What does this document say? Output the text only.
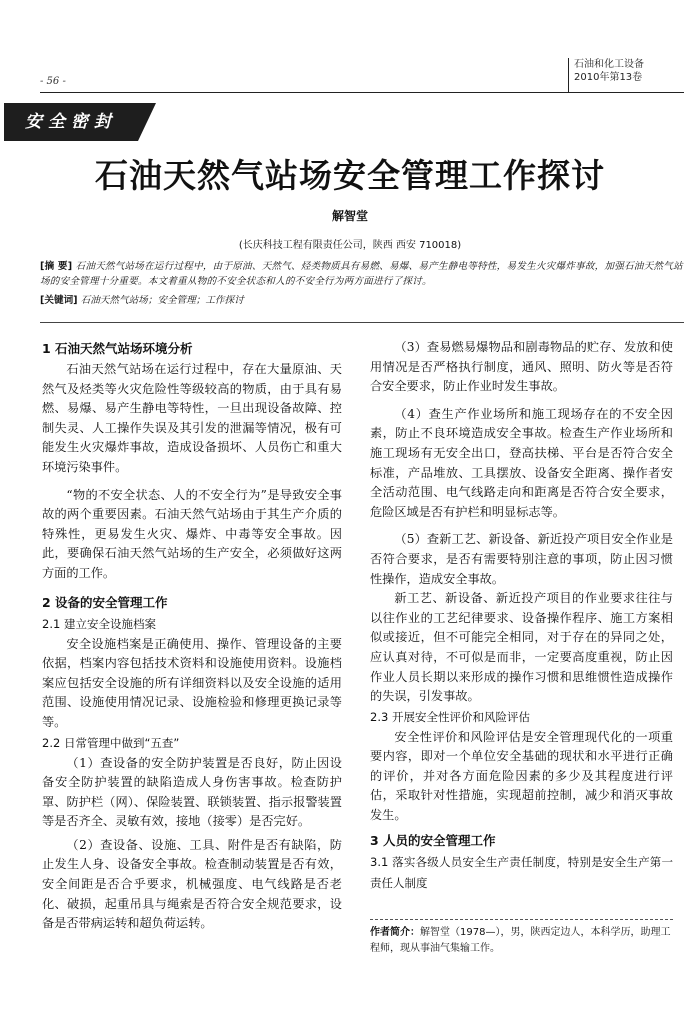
石油和化工设备
2010年第13卷
- 56 -
安全密封
石油天然气站场安全管理工作探讨
解智堂
(长庆科技工程有限责任公司，陕西 西安 710018)
[摘 要] 石油天然气站场在运行过程中，由于原油、天然气、烃类物质具有易燃、易爆、易产生静电等特性，易发生火灾爆炸事故，加强石油天然气站场的安全管理十分重要。本文着重从物的不安全状态和人的不安全行为两方面进行了探讨。
[关键词] 石油天然气站场；安全管理；工作探讨
1 石油天然气站场环境分析

石油天然气站场在运行过程中，存在大量原油、天然气及烃类等火灾危险性等级较高的物质，由于具有易燃、易爆、易产生静电等特性，一旦出现设备故障、控制失灵、人工操作失误及其引发的泄漏等情况，极有可能发生火灾爆炸事故，造成设备损坏、人员伤亡和重大环境污染事件。

“物的不安全状态、人的不安全行为”是导致安全事故的两个重要因素。石油天然气站场由于其生产介质的特殊性，更易发生火灾、爆炸、中毒等安全事故。因此，要确保石油天然气站场的生产安全，必须做好这两方面的工作。

2 设备的安全管理工作
2.1 建立安全设施档案

安全设施档案是正确使用、操作、管理设备的主要依据，档案内容包括技术资料和设施使用资料。设施档案应包括安全设施的所有详细资料以及安全设施的适用范围、设施使用情况记录、设施检验和修理更换记录等等。

2.2 日常管理中做到“五查”

（1）查设备的安全防护装置是否良好，防止因设备安全防护装置的缺陷造成人身伤害事故。检查防护罩、防护栏（网）、保险装置、联锁装置、指示报警装置等是否齐全、灵敏有效，接地（接零）是否完好。

（2）查设备、设施、工具、附件是否有缺陷，防止发生人身、设备安全事故。检查制动装置是否有效，安全间距是否合乎要求，机械强度、电气线路是否老化、破损，起重吊具与绳索是否符合安全规范要求，设备是否带病运转和超负荷运转。

（3）查易燃易爆物品和剧毒物品的贮存、发放和使用情况是否严格执行制度，通风、照明、防火等是否符合安全要求，防止作业时发生事故。

（4）查生产作业场所和施工现场存在的不安全因素，防止不良环境造成安全事故。检查生产作业场所和施工现场有无安全出口，登高扶梯、平台是否符合安全标准，产品堆放、工具摆放、设备安全距离、操作者安全活动范围、电气线路走向和距离是否符合安全要求，危险区域是否有护栏和明显标志等。

（5）查新工艺、新设备、新近投产项目安全作业是否符合要求，是否有需要特别注意的事项，防止因习惯性操作，造成安全事故。

新工艺、新设备、新近投产项目的作业要求往往与以往作业的工艺纪律要求、设备操作程序、施工方案相似或接近，但不可能完全相同，对于存在的异同之处，应认真对待，不可似是而非，一定要高度重视，防止因作业人员长期以来形成的操作习惯和思维惯性造成操作的失误，引发事故。

2.3 开展安全性评价和风险评估

安全性评价和风险评估是安全管理现代化的一项重要内容，即对一个单位安全基础的现状和水平进行正确的评价，并对各方面危险因素的多少及其程度进行评估，采取针对性措施，实现超前控制，减少和消灭事故发生。

3 人员的安全管理工作
3.1 落实各级人员安全生产责任制度，特别是安全生产第一责任人制度
作者简介：解智堂（1978—），男，陕西定边人，本科学历，助理工程师，现从事油气集输工作。
